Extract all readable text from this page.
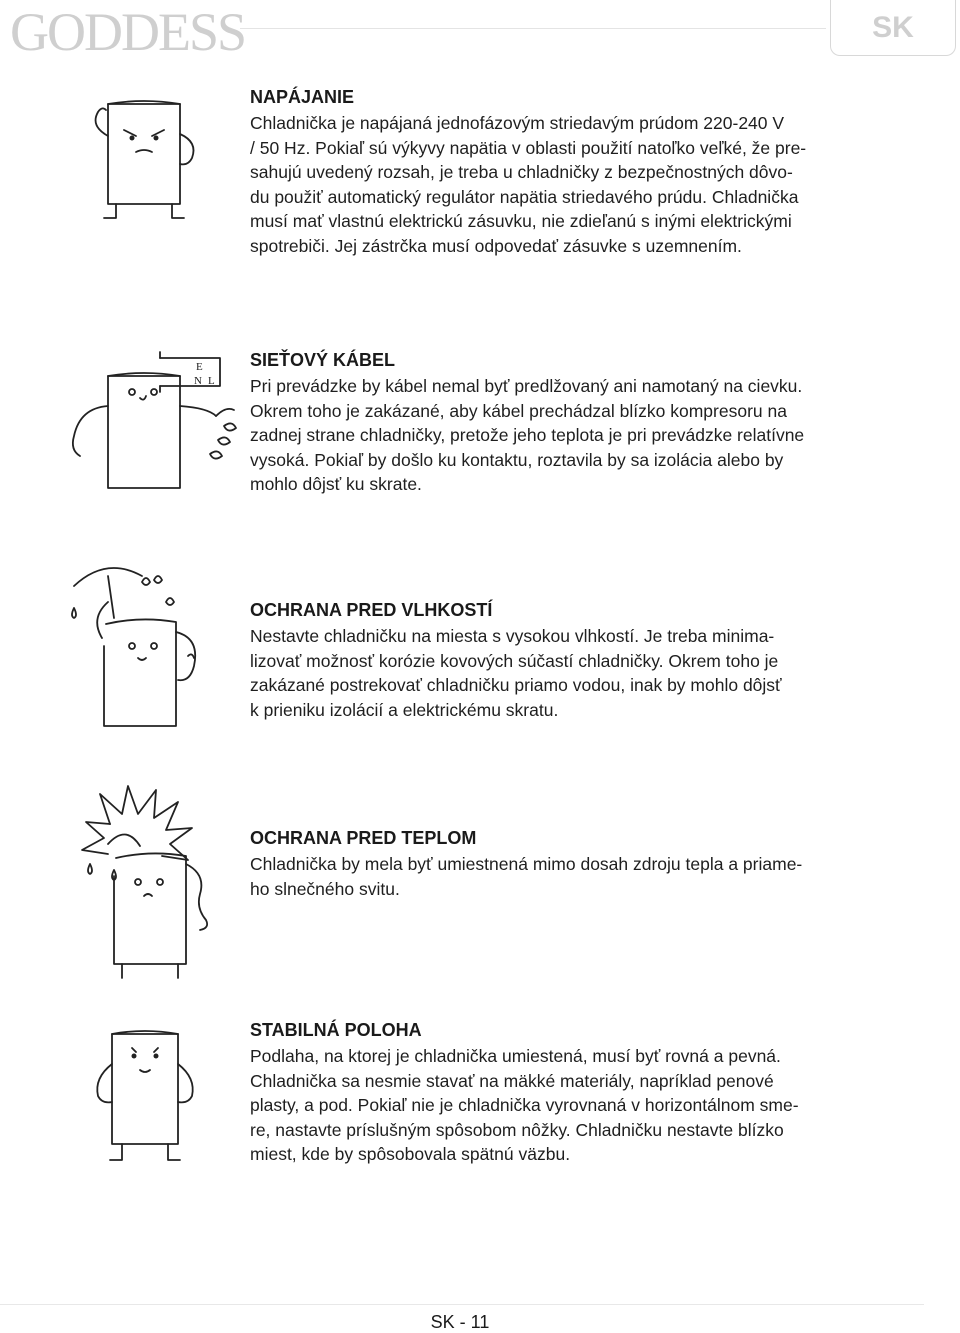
GODDESS	SK
NAPÁJANIE

Chladnička je napájaná jednofázovým striedavým prúdom 220-240 V
/ 50 Hz. Pokiaľ sú výkyvy napätia v oblasti použití natoľko veľké, že pre-
sahujú uvedený rozsah, je treba u chladničky z bezpečnostných dôvo-
du použiť automatický regulátor napätia striedavého prúdu. Chladnička
musí mať vlastnú elektrickú zásuvku, nie zdieľanú s inými elektrickými
spotrebiči. Jej zástrčka musí odpovedať zásuvke s uzemnením.

E
N L
SIEŤOVÝ KÁBEL

Pri prevádzke by kábel nemal byť predlžovaný ani namotaný na cievku.
Okrem toho je zakázané, aby kábel prechádzal blízko kompresoru na
zadnej strane chladničky, pretože jeho teplota je pri prevádzke relatívne
vysoká. Pokiaľ by došlo ku kontaktu, roztavila by sa izolácia alebo by
mohlo dôjsť ku skrate.

OCHRANA PRED VLHKOSTÍ

Nestavte chladničku na miesta s vysokou vlhkostí. Je treba minima-
lizovať možnosť korózie kovových súčastí chladničky. Okrem toho je
zakázané postrekovať chladničku priamo vodou, inak by mohlo dôjsť
k prieniku izolácií a elektrickému skratu.

OCHRANA PRED TEPLOM

Chladnička by mela byť umiestnená mimo dosah zdroju tepla a priame-
ho slnečného svitu.

STABILNÁ POLOHA

Podlaha, na ktorej je chladnička umiestená, musí byť rovná a pevná.
Chladnička sa nesmie stavať na mäkké materiály, napríklad penové
plasty, a pod. Pokiaľ nie je chladnička vyrovnaná v horizontálnom sme-
re, nastavte príslušným spôsobom nôžky. Chladničku nestavte blízko
miest, kde by spôsobovala spätnú väzbu.

SK - 11
